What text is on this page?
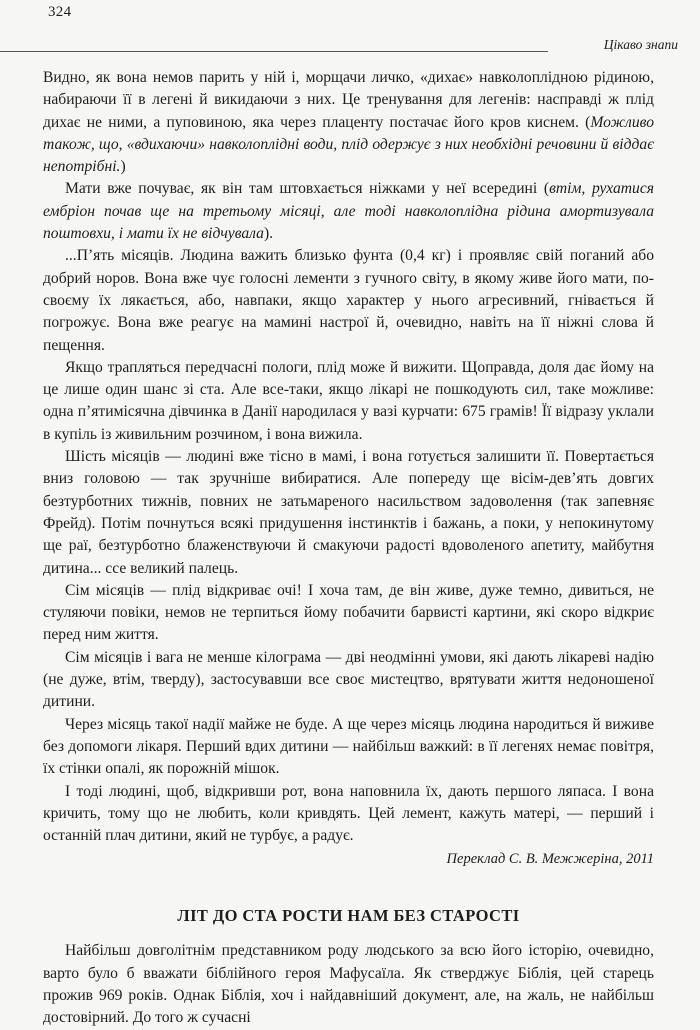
324
Цікаво знапи

Видно, як вона немов парить у ній і, морщачи личко, «дихає» навколоплідною рідиною, набираючи її в легені й викидаючи з них. Це тренування для легенів: насправді ж плід дихає не ними, а пуповиною, яка через плаценту постачає його кров киснем. (Можливо також, що, «вдихаючи» навколоплідні води, плід одержує з них необхідні речовини й віддає непотрібні.)

Мати вже почуває, як він там штовхається ніжками у неї всередині (втім, рухатися ембріон почав ще на третьому місяці, але тоді навколоплідна рідина амортизувала поштовхи, і мати їх не відчувала).

...П’ять місяців. Людина важить близько фунта (0,4 кг) і проявляє свій поганий або добрий норов. Вона вже чує голосні лементи з гучного світу, в якому живе його мати, по-своєму їх лякається, або, навпаки, якщо характер у нього агресивний, гнівається й погрожує. Вона вже реагує на мамині настрої й, очевидно, навіть на її ніжні слова й пещення.

Якщо трапляться передчасні пологи, плід може й вижити. Щоправда, доля дає йому на це лише один шанс зі ста. Але все-таки, якщо лікарі не пошкодують сил, таке можливе: одна п’ятимісячна дівчинка в Данії народилася у вазі курчати: 675 грамів! Її відразу уклали в купіль із живильним розчином, і вона вижила.

Шість місяців — людині вже тісно в мамі, і вона готується залишити її. Повертається вниз головою — так зручніше вибиратися. Але попереду ще вісім-дев’ять довгих безтурботних тижнів, повних не затьмареного насильством задоволення (так запевняє Фрейд). Потім почнуться всякі придушення інстинктів і бажань, а поки, у непокинутому ще раї, безтурботно блаженствуючи й смакуючи радості вдоволеного апетиту, майбутня дитина... ссе великий палець.

Сім місяців — плід відкриває очі! І хоча там, де він живе, дуже темно, дивиться, не стуляючи повіки, немов не терпиться йому побачити барвисті картини, які скоро відкриє перед ним життя.

Сім місяців і вага не менше кілограма — дві неодмінні умови, які дають лікареві надію (не дуже, втім, тверду), застосувавши все своє мистецтво, врятувати життя недоношеної дитини.

Через місяць такої надії майже не буде. А ще через місяць людина народиться й виживе без допомоги лікаря. Перший вдих дитини — найбільш важкий: в її легенях немає повітря, їх стінки опалі, як порожній мішок.

І тоді людині, щоб, відкривши рот, вона наповнила їх, дають першого ляпаса. І вона кричить, тому що не любить, коли кривдять. Цей лемент, кажуть матері, — перший і останній плач дитини, який не турбує, а радує.

Переклад С. В. Межжеріна, 2011
ЛІТ ДО СТА РОСТИ НАМ БЕЗ СТАРОСТІ

Найбільш довголітнім представником роду людського за всю його історію, очевидно, варто було б вважати біблійного героя Мафусаїла. Як стверджує Біблія, цей старець прожив 969 років. Однак Біблія, хоч і найдавніший документ, але, на жаль, не найбільш достовірний. До того ж сучасні
